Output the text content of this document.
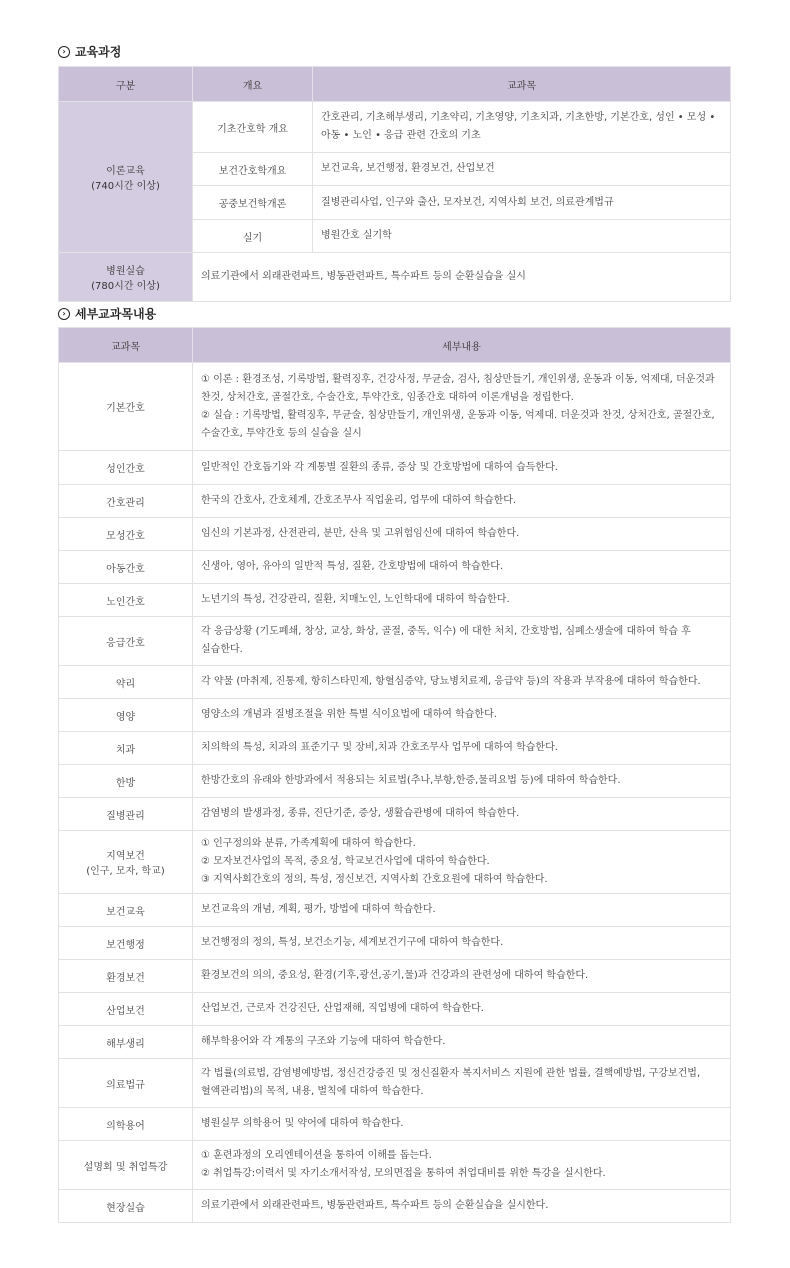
› 교육과정
구분	개요	교과목

이론교육
(740시간 이상)	기초간호학 개요	간호관리, 기초해부생리, 기초약리, 기초영양, 기초치과, 기초한방, 기본간호, 성인 • 모성 • 아동 • 노인 • 응급 관련 간호의 기초
	보건간호학개요	보건교육, 보건행정, 환경보건, 산업보건
	공중보건학개론	질병관리사업, 인구와 출산, 모자보건, 지역사회 보건, 의료관계법규
	실기	병원간호 실기학

병원실습
(780시간 이상)	의료기관에서 외래관련파트, 병동관련파트, 특수파트 등의 순환실습을 실시	
› 세부교과목내용
교과목	세부내용

기본간호	① 이론 : 환경조성, 기록방법, 활력징후, 건강사정, 무균술, 검사, 침상만들기, 개인위생, 운동과 이동, 억제대, 더운것과
찬것, 상처간호, 골절간호, 수술간호, 투약간호, 임종간호 대하여 이론개념을 정립한다.
② 실습 : 기록방법, 활력징후, 무균술, 침상만들기, 개인위생, 운동과 이동, 억제대. 더운것과 찬것, 상처간호, 골절간호,
수술간호, 투약간호 등의 실습을 실시

성인간호	일반적인 간호돕기와 각 계통별 질환의 종류, 증상 및 간호방법에 대하여 습득한다.

간호관리	한국의 간호사, 간호체계, 간호조무사 직업윤리, 업무에 대하여 학습한다.

모성간호	임신의 기본과정, 산전관리, 분만, 산욕 및 고위험임신에 대하여 학습한다.

아동간호	신생아, 영아, 유아의 일반적 특성, 질환, 간호방법에 대하여 학습한다.

노인간호	노년기의 특성, 건강관리, 질환, 치매노인, 노인학대에 대하여 학습한다.

응급간호	각 응급상황 (기도폐쇄, 창상, 교상, 화상, 골절, 중독, 익수) 에 대한 처치, 간호방법, 심폐소생술에 대하여 학습 후
실습한다.

약리	각 약물 (마취제, 진통제, 항히스타민제, 항혈심증약, 당뇨병치료제, 응급약 등)의 작용과 부작용에 대하여 학습한다.

영양	영양소의 개념과 질병조절을 위한 특별 식이요법에 대하여 학습한다.

치과	치의학의 특성, 치과의 표준기구 및 장비,치과 간호조무사 업무에 대하여 학습한다.

한방	한방간호의 유래와 한방과에서 적용되는 치료법(추나,부항,한증,물리요법 등)에 대하여 학습한다.

질병관리	감염병의 발생과정, 종류, 진단기준, 증상, 생활습관병에 대하여 학습한다.

지역보건
(인구, 모자, 학교)	① 인구정의와 분류, 가족계획에 대하여 학습한다.
② 모자보건사업의 목적, 중요성, 학교보건사업에 대하여 학습한다.
③ 지역사회간호의 정의, 특성, 정신보건, 지역사회 간호요원에 대하여 학습한다.

보건교육	보건교육의 개념, 계획, 평가, 방법에 대하여 학습한다.

보건행정	보건행정의 정의, 특성, 보건소기능, 세계보건기구에 대하여 학습한다.

환경보건	환경보건의 의의, 중요성, 환경(기후,광선,공기,물)과 건강과의 관련성에 대하여 학습한다.

산업보건	산업보건, 근로자 건강진단, 산업재해, 직업병에 대하여 학습한다.

해부생리	해부학용어와 각 계통의 구조와 기능에 대하여 학습한다.

의료법규	각 법률(의료법, 감염병예방법, 정신건강증진 및 정신질환자 복지서비스 지원에 관한 법률, 결핵예방법, 구강보건법,
혈액관리법)의 목적, 내용, 벌칙에 대하여 학습한다.

의학용어	병원실무 의학용어 및 약어에 대하여 학습한다.

설명회 및 취업특강	① 훈련과정의 오리엔테이션을 통하여 이해를 돕는다.
② 취업특강:이력서 및 자기소개서작성, 모의면접을 통하여 취업대비를 위한 특강을 실시한다.

현장실습	의료기관에서 외래관련파트, 병동관련파트, 특수파트 등의 순환실습을 실시한다.
